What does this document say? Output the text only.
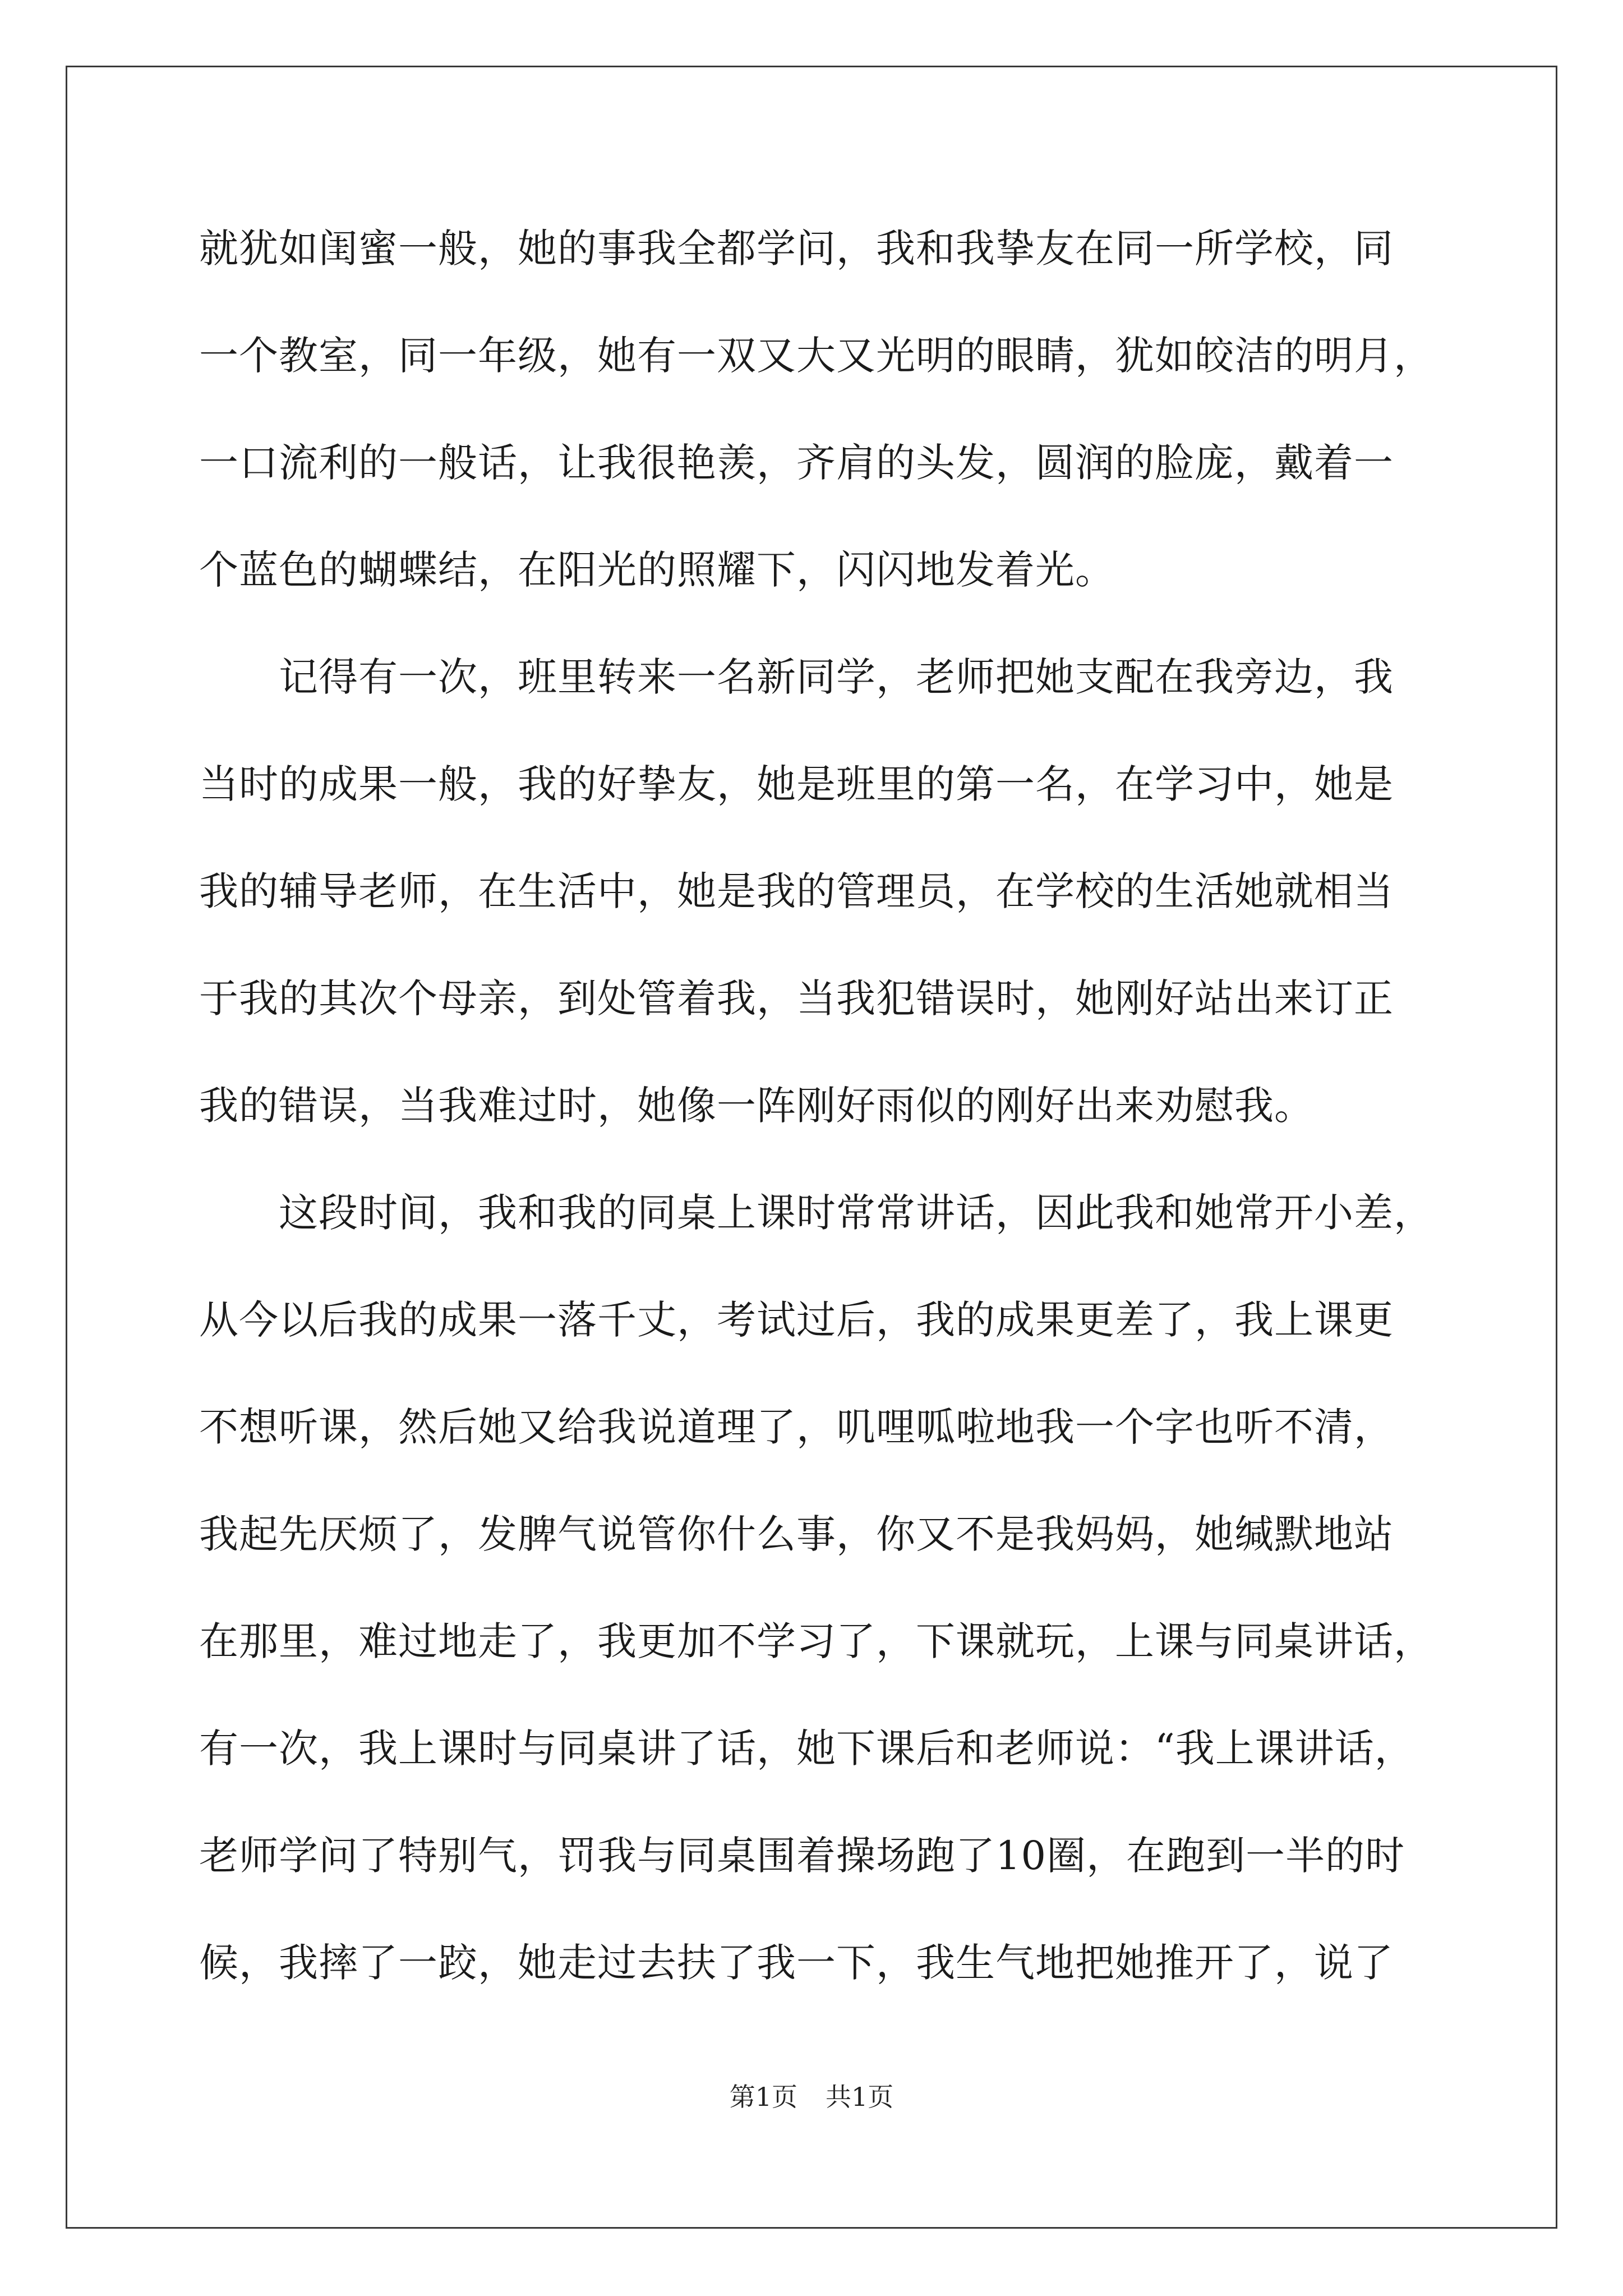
就犹如闺蜜一般，她的事我全都学问，我和我挚友在同一所学校，同
一个教室，同一年级，她有一双又大又光明的眼睛，犹如皎洁的明月，
一口流利的一般话，让我很艳羡，齐肩的头发，圆润的脸庞，戴着一
个蓝色的蝴蝶结，在阳光的照耀下，闪闪地发着光。
　　记得有一次，班里转来一名新同学，老师把她支配在我旁边，我
当时的成果一般，我的好挚友，她是班里的第一名，在学习中，她是
我的辅导老师，在生活中，她是我的管理员，在学校的生活她就相当
于我的其次个母亲，到处管着我，当我犯错误时，她刚好站出来订正
我的错误，当我难过时，她像一阵刚好雨似的刚好出来劝慰我。
　　这段时间，我和我的同桌上课时常常讲话，因此我和她常开小差，
从今以后我的成果一落千丈，考试过后，我的成果更差了，我上课更
不想听课，然后她又给我说道理了，叽哩呱啦地我一个字也听不清，
我起先厌烦了，发脾气说管你什么事，你又不是我妈妈，她缄默地站
在那里，难过地走了，我更加不学习了，下课就玩，上课与同桌讲话，
有一次，我上课时与同桌讲了话，她下课后和老师说：“我上课讲话，
老师学问了特别气，罚我与同桌围着操场跑了10圈，在跑到一半的时
候，我摔了一跤，她走过去扶了我一下，我生气地把她推开了，说了
第1页 共1页
